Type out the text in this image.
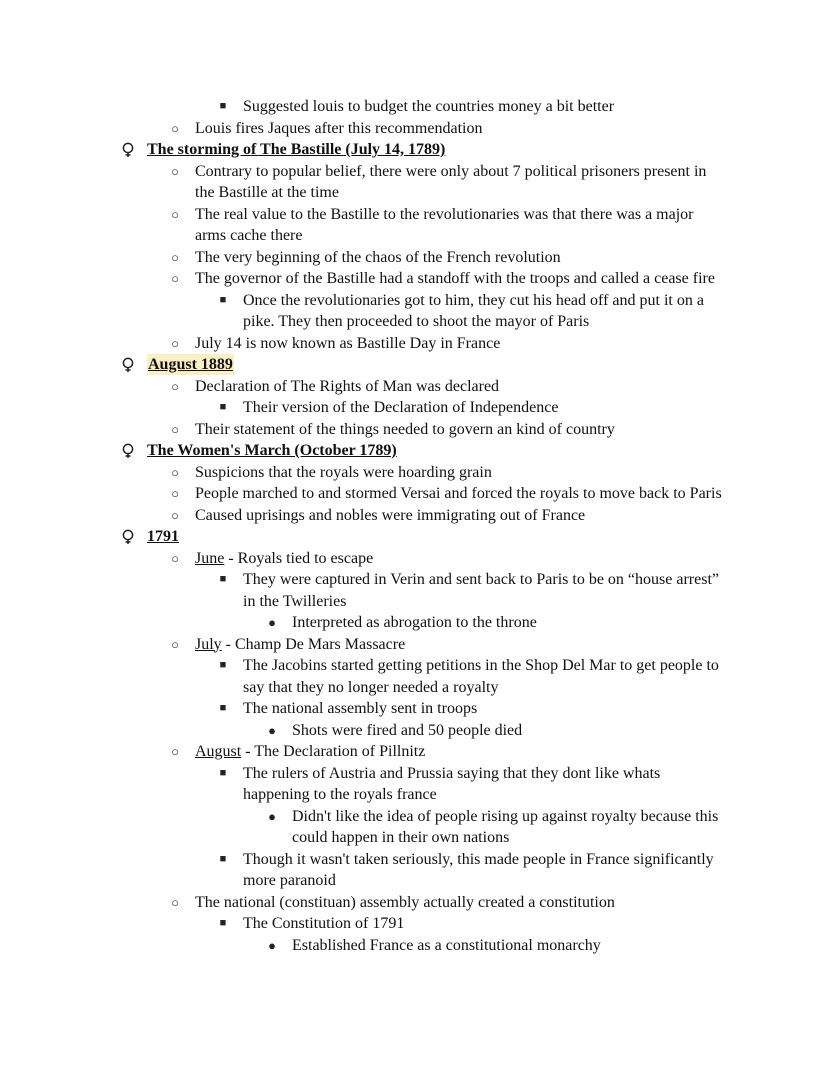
■ Suggested louis to budget the countries money a bit better
○ Louis fires Jaques after this recommendation
The storming of The Bastille (July 14, 1789)
○ Contrary to popular belief, there were only about 7 political prisoners present in
the Bastille at the time
○ The real value to the Bastille to the revolutionaries was that there was a major
arms cache there
○ The very beginning of the chaos of the French revolution
○ The governor of the Bastille had a standoff with the troops and called a cease fire
■ Once the revolutionaries got to him, they cut his head off and put it on a
pike. They then proceeded to shoot the mayor of Paris
○ July 14 is now known as Bastille Day in France
August 1889
○ Declaration of The Rights of Man was declared
■ Their version of the Declaration of Independence
○ Their statement of the things needed to govern an kind of country
The Women's March (October 1789)
○ Suspicions that the royals were hoarding grain
○ People marched to and stormed Versai and forced the royals to move back to Paris
○ Caused uprisings and nobles were immigrating out of France
1791
○ June - Royals tied to escape
■ They were captured in Verin and sent back to Paris to be on “house arrest”
in the Twilleries
● Interpreted as abrogation to the throne
○ July - Champ De Mars Massacre
■ The Jacobins started getting petitions in the Shop Del Mar to get people to
say that they no longer needed a royalty
■ The national assembly sent in troops
● Shots were fired and 50 people died
○ August - The Declaration of Pillnitz
■ The rulers of Austria and Prussia saying that they dont like whats
happening to the royals france
● Didn't like the idea of people rising up against royalty because this
could happen in their own nations
■ Though it wasn't taken seriously, this made people in France significantly
more paranoid
○ The national (constituan) assembly actually created a constitution
■ The Constitution of 1791
● Established France as a constitutional monarchy
